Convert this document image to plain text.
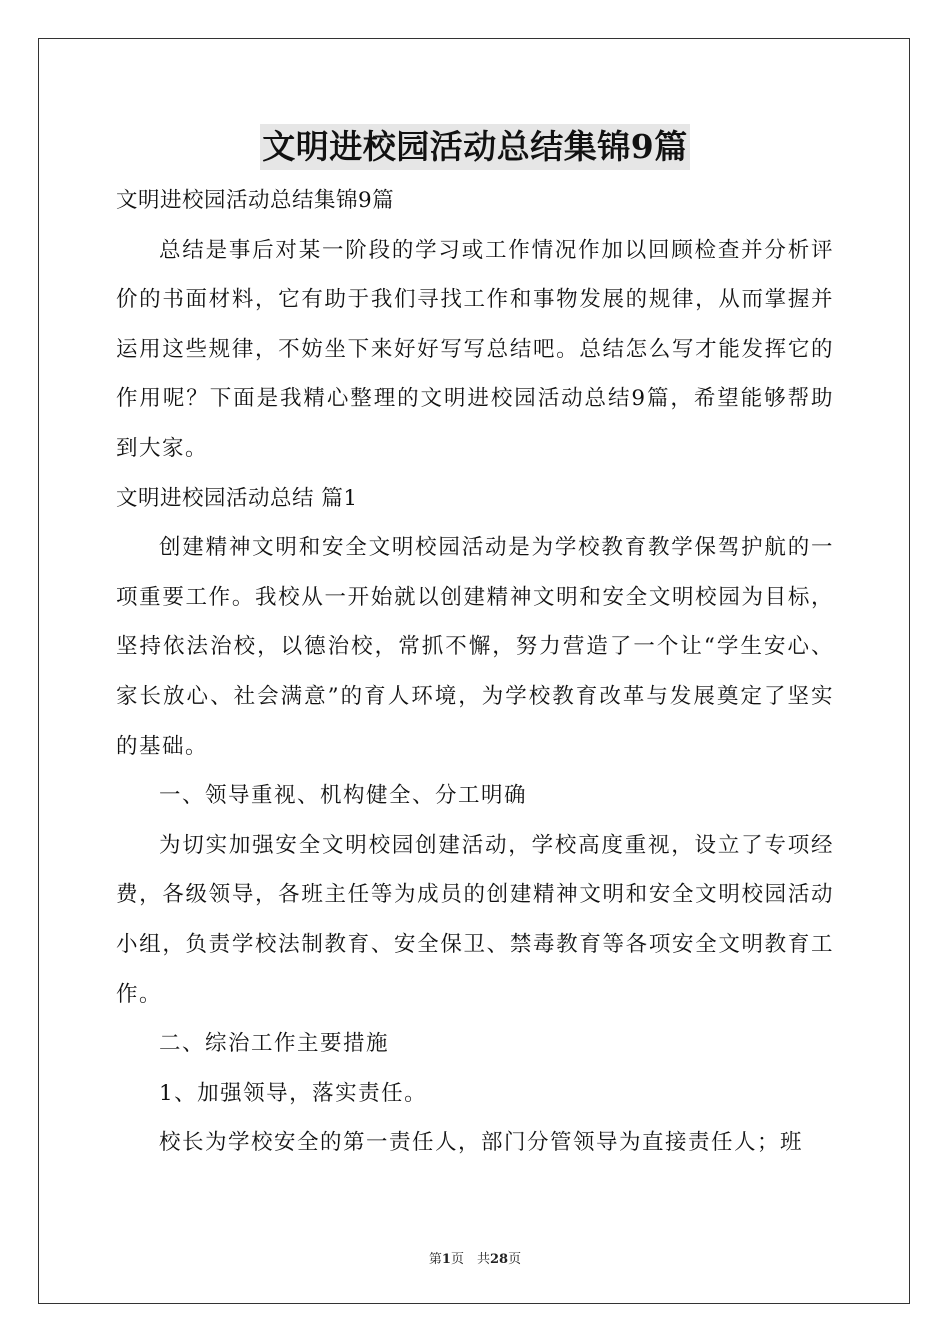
文明进校园活动总结集锦9篇

文明进校园活动总结集锦9篇

总结是事后对某一阶段的学习或工作情况作加以回顾检查并分析评价的书面材料，它有助于我们寻找工作和事物发展的规律，从而掌握并运用这些规律，不妨坐下来好好写写总结吧。总结怎么写才能发挥它的作用呢？下面是我精心整理的文明进校园活动总结9篇，希望能够帮助到大家。

文明进校园活动总结 篇1

创建精神文明和安全文明校园活动是为学校教育教学保驾护航的一项重要工作。我校从一开始就以创建精神文明和安全文明校园为目标，坚持依法治校，以德治校，常抓不懈，努力营造了一个让“学生安心、家长放心、社会满意”的育人环境，为学校教育改革与发展奠定了坚实的基础。

一、领导重视、机构健全、分工明确

为切实加强安全文明校园创建活动，学校高度重视，设立了专项经费，各级领导，各班主任等为成员的创建精神文明和安全文明校园活动小组，负责学校法制教育、安全保卫、禁毒教育等各项安全文明教育工作。

二、综治工作主要措施

1、加强领导，落实责任。

校长为学校安全的第一责任人，部门分管领导为直接责任人；班

第1页　共28页
